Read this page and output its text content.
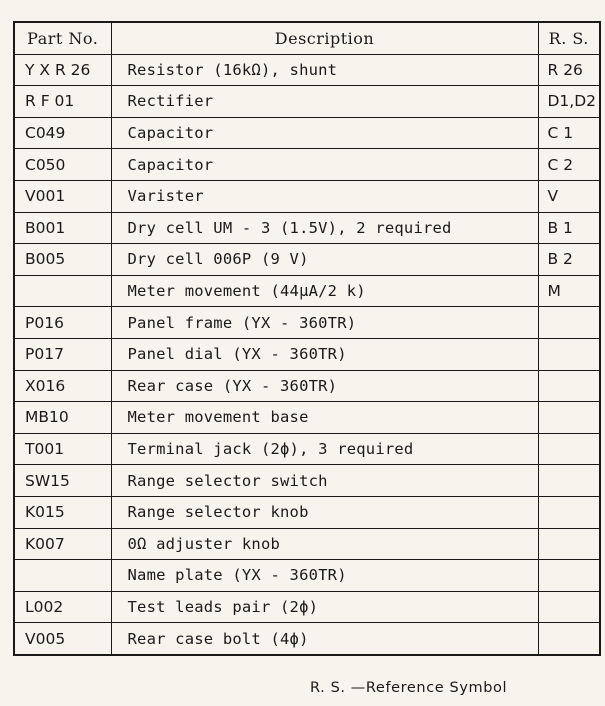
Part No.	Description	R. S.
Y X R 26	Resistor (16kΩ), shunt	R 26
R F 01	Rectifier	D1,D2
C049	Capacitor	C 1
C050	Capacitor	C 2
V001	Varister	V
B001	Dry cell UM - 3 (1.5V), 2 required	B 1
B005	Dry cell 006P (9 V)	B 2
	Meter movement (44μA/2 k)	M
P016	Panel frame (YX - 360TR)	
P017	Panel dial (YX - 360TR)	
X016	Rear case (YX - 360TR)	
MB10	Meter movement base	
T001	Terminal jack (2ϕ), 3 required	
SW15	Range selector switch	
K015	Range selector knob	
K007	0Ω adjuster knob	
	Name plate (YX - 360TR)	
L002	Test leads pair (2ϕ)	
V005	Rear case bolt (4ϕ)	
R. S. —Reference Symbol
